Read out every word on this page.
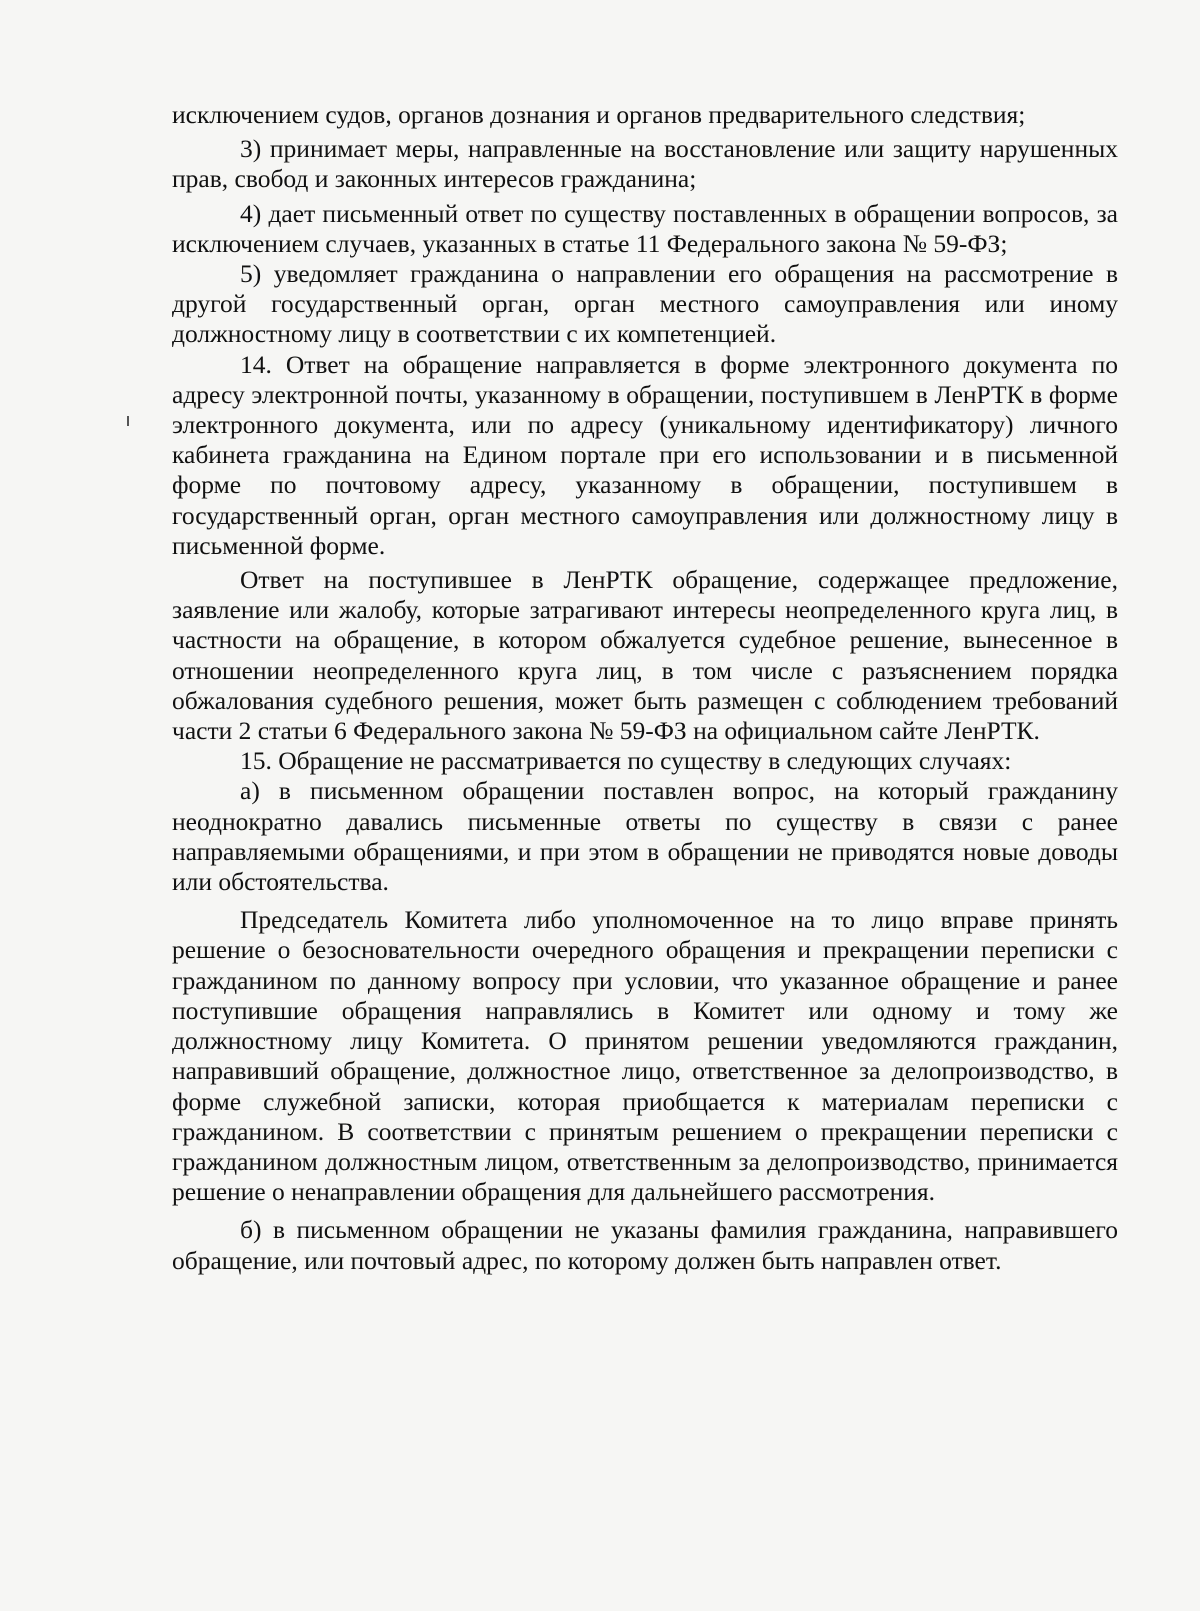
исключением судов, органов дознания и органов предварительного следствия;

3) принимает меры, направленные на восстановление или защиту нарушенных прав, свобод и законных интересов гражданина;

4) дает письменный ответ по существу поставленных в обращении вопросов, за исключением случаев, указанных в статье 11 Федерального закона № 59-ФЗ;

5) уведомляет гражданина о направлении его обращения на рассмотрение в другой государственный орган, орган местного самоуправления или иному должностному лицу в соответствии с их компетенцией.

14. Ответ на обращение направляется в форме электронного документа по адресу электронной почты, указанному в обращении, поступившем в ЛенРТК в форме электронного документа, или по адресу (уникальному идентификатору) личного кабинета гражданина на Едином портале при его использовании и в письменной форме по почтовому адресу, указанному в обращении, поступившем в государственный орган, орган местного самоуправления или должностному лицу в письменной форме.

Ответ на поступившее в ЛенРТК обращение, содержащее предложение, заявление или жалобу, которые затрагивают интересы неопределенного круга лиц, в частности на обращение, в котором обжалуется судебное решение, вынесенное в отношении неопределенного круга лиц, в том числе с разъяснением порядка обжалования судебного решения, может быть размещен с соблюдением требований части 2 статьи 6 Федерального закона № 59-ФЗ на официальном сайте ЛенРТК.

15. Обращение не рассматривается по существу в следующих случаях:

а) в письменном обращении поставлен вопрос, на который гражданину неоднократно давались письменные ответы по существу в связи с ранее направляемыми обращениями, и при этом в обращении не приводятся новые доводы или обстоятельства.

Председатель Комитета либо уполномоченное на то лицо вправе принять решение о безосновательности очередного обращения и прекращении переписки с гражданином по данному вопросу при условии, что указанное обращение и ранее поступившие обращения направлялись в Комитет или одному и тому же должностному лицу Комитета. О принятом решении уведомляются гражданин, направивший обращение, должностное лицо, ответственное за делопроизводство, в форме служебной записки, которая приобщается к материалам переписки с гражданином. В соответствии с принятым решением о прекращении переписки с гражданином должностным лицом, ответственным за делопроизводство, принимается решение о ненаправлении обращения для дальнейшего рассмотрения.

б) в письменном обращении не указаны фамилия гражданина, направившего обращение, или почтовый адрес, по которому должен быть направлен ответ.
